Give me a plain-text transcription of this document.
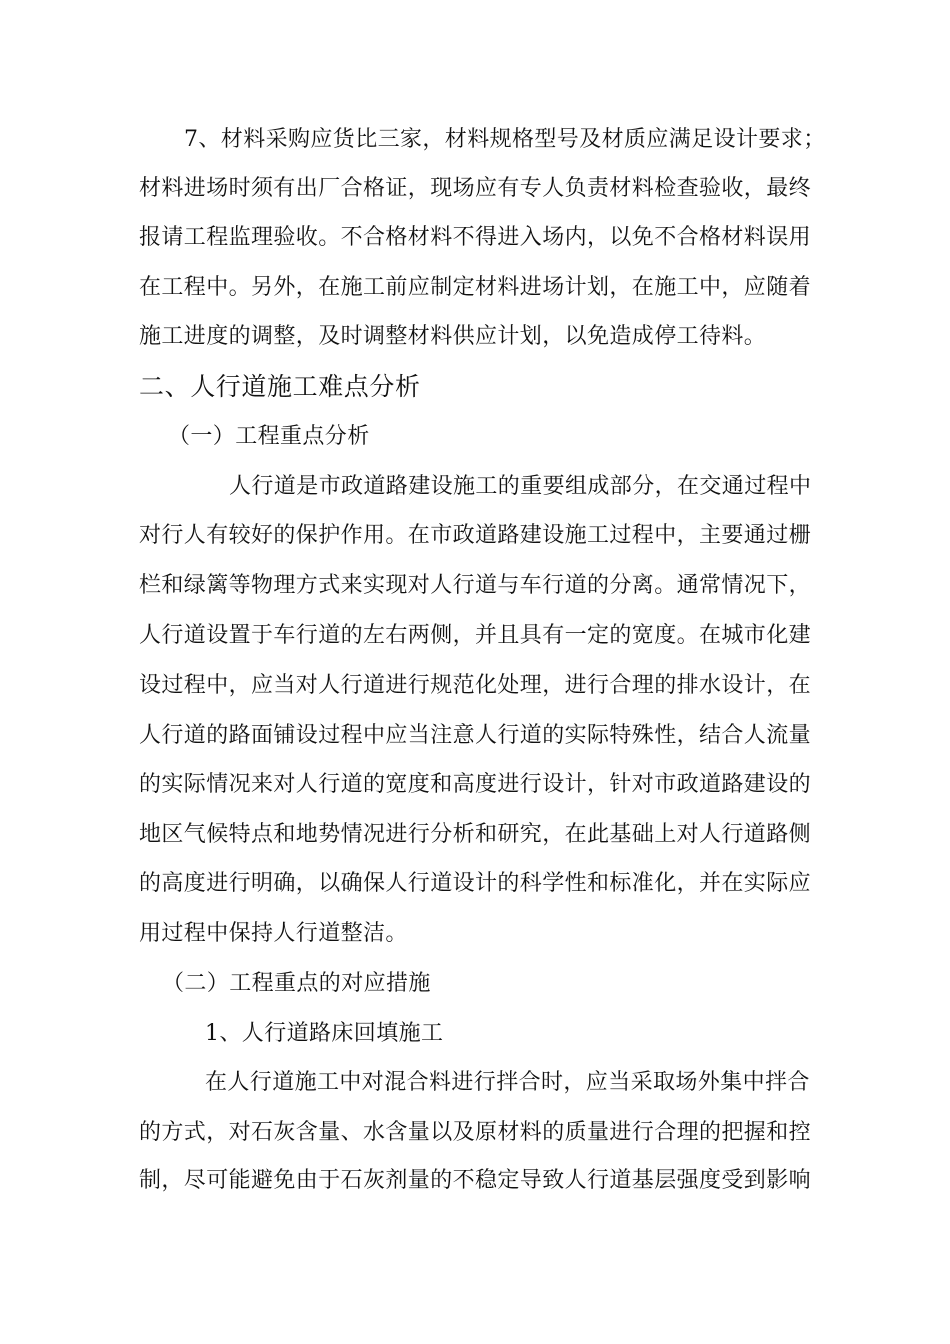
7、材料采购应货比三家，材料规格型号及材质应满足设计要求；
材料进场时须有出厂合格证，现场应有专人负责材料检查验收，最终
报请工程监理验收。不合格材料不得进入场内，以免不合格材料误用
在工程中。另外，在施工前应制定材料进场计划，在施工中，应随着
施工进度的调整，及时调整材料供应计划，以免造成停工待料。
二、人行道施工难点分析
（一）工程重点分析
人行道是市政道路建设施工的重要组成部分，在交通过程中
对行人有较好的保护作用。在市政道路建设施工过程中，主要通过栅
栏和绿篱等物理方式来实现对人行道与车行道的分离。通常情况下，
人行道设置于车行道的左右两侧，并且具有一定的宽度。在城市化建
设过程中，应当对人行道进行规范化处理，进行合理的排水设计，在
人行道的路面铺设过程中应当注意人行道的实际特殊性，结合人流量
的实际情况来对人行道的宽度和高度进行设计，针对市政道路建设的
地区气候特点和地势情况进行分析和研究，在此基础上对人行道路侧
的高度进行明确，以确保人行道设计的科学性和标准化，并在实际应
用过程中保持人行道整洁。
（二）工程重点的对应措施
1、人行道路床回填施工
在人行道施工中对混合料进行拌合时，应当采取场外集中拌合
的方式，对石灰含量、水含量以及原材料的质量进行合理的把握和控
制，尽可能避免由于石灰剂量的不稳定导致人行道基层强度受到影响
